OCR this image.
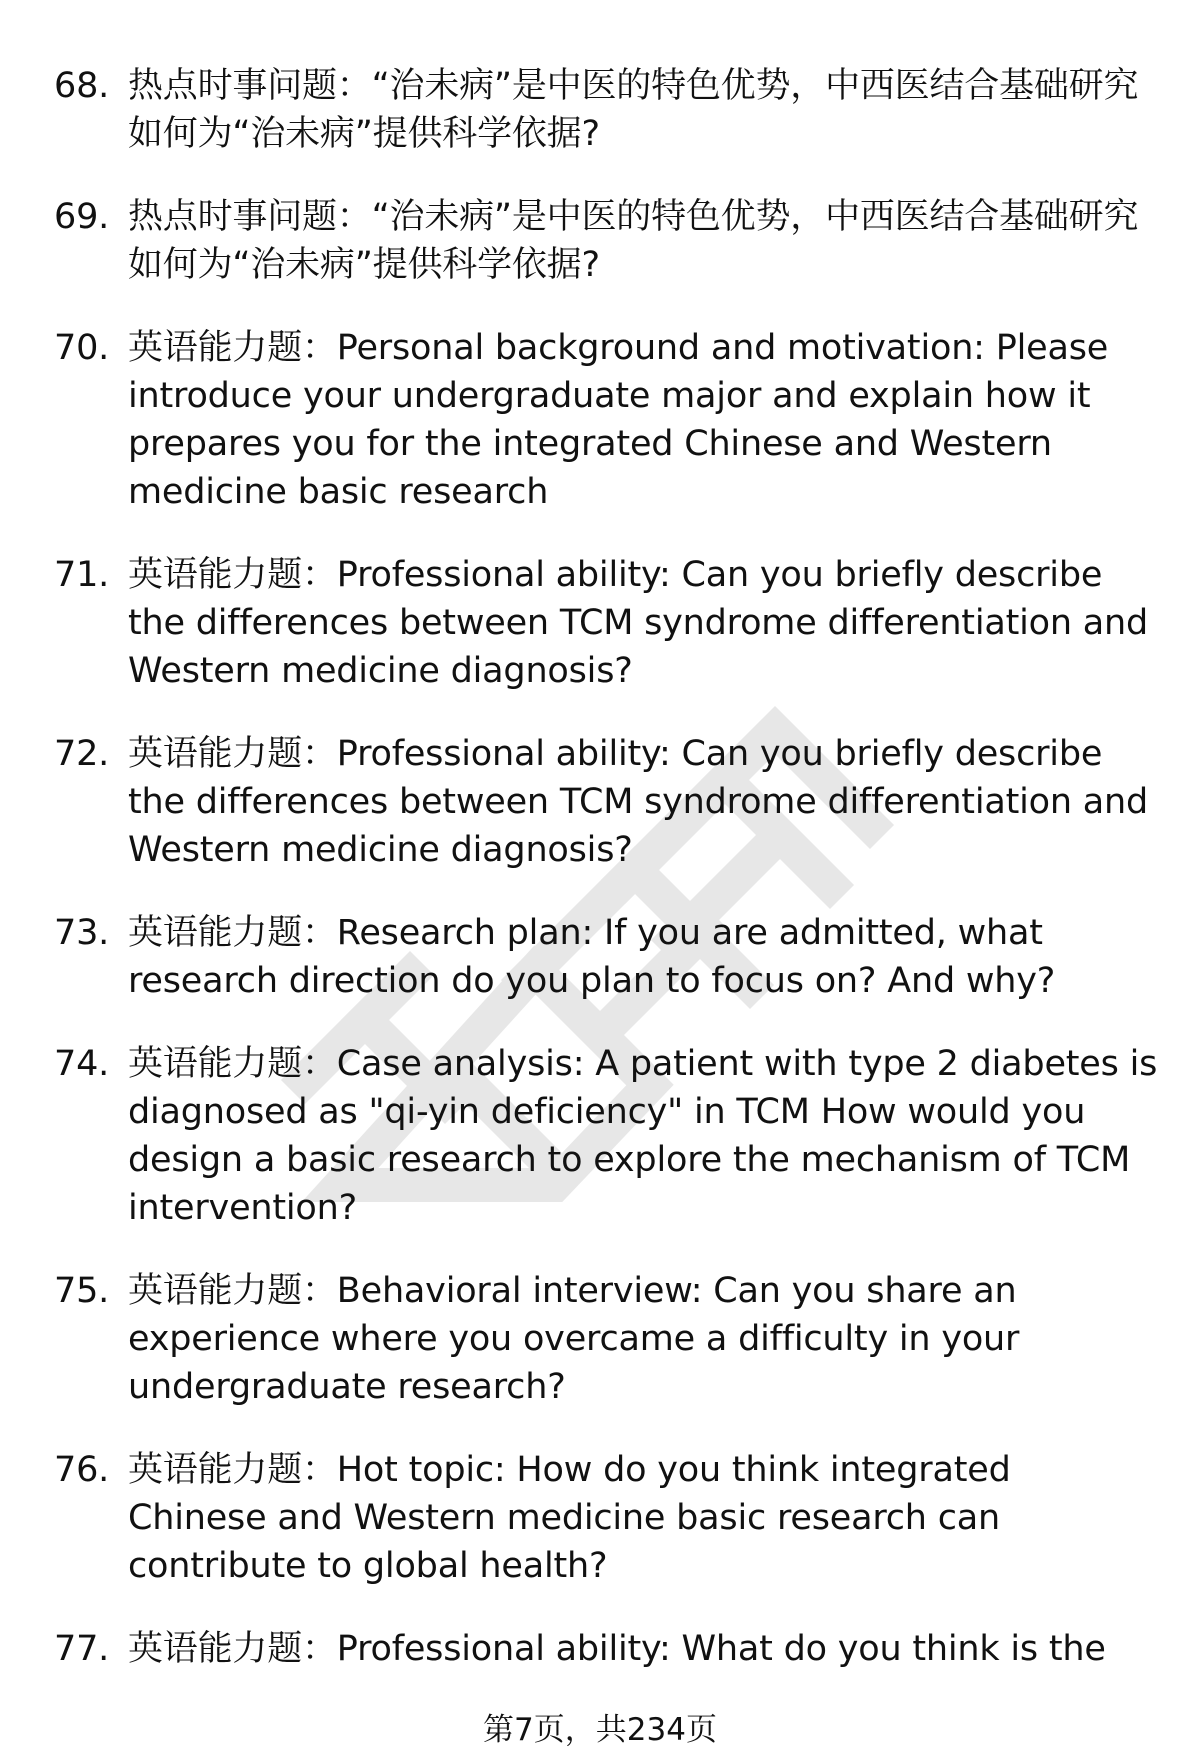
68. 热点时事问题：“治未病”是中医的特色优势，中西医结合基础研究如何为“治未病”提供科学依据?
69. 热点时事问题：“治未病”是中医的特色优势，中西医结合基础研究如何为“治未病”提供科学依据?
70. 英语能力题：Personal background and motivation: Please introduce your undergraduate major and explain how it prepares you for the integrated Chinese and Western medicine basic research
71. 英语能力题：Professional ability: Can you briefly describe the differences between TCM syndrome differentiation and Western medicine diagnosis?
72. 英语能力题：Professional ability: Can you briefly describe the differences between TCM syndrome differentiation and Western medicine diagnosis?
73. 英语能力题：Research plan: If you are admitted, what research direction do you plan to focus on? And why?
74. 英语能力题：Case analysis: A patient with type 2 diabetes is diagnosed as "qi-yin deficiency" in TCM How would you design a basic research to explore the mechanism of TCM intervention?
75. 英语能力题：Behavioral interview: Can you share an experience where you overcame a difficulty in your undergraduate research?
76. 英语能力题：Hot topic: How do you think integrated Chinese and Western medicine basic research can contribute to global health?
77. 英语能力题：Professional ability: What do you think is the
第7页，共234页
